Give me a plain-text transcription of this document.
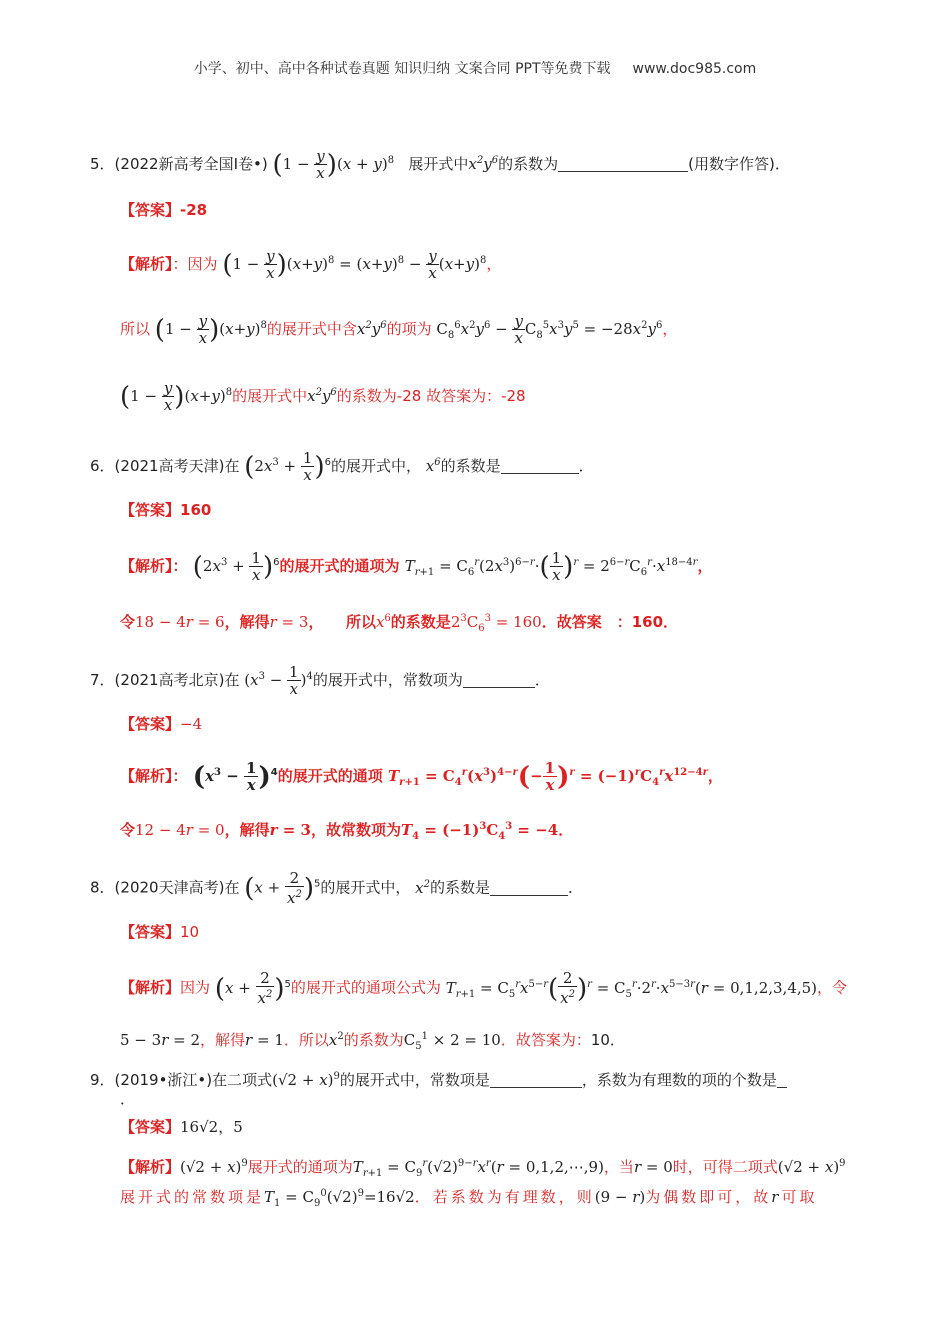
小学、初中、高中各种试卷真题 知识归纳 文案合同 PPT等免费下载 www.doc985.com
5．(2022新高考全国Ⅰ卷•) $(1 - \frac{y}{x} )(x + y)^8$ 展开式中$x^2y^6$的系数为	(用数字作答)．
【答案】-28
【解析】：因为 $(1 - \frac{y}{x} )(x+y)^8 = (x+y)^8 - \frac{y}{x} (x+y)^8$，
所以 $(1 - \frac{y}{x} )(x+y)^8$的展开式中含$x^2y^6$的项为 $C_8^6x^2y^6 - \frac{y}{x} C_8^5x^3y^5 = -28x^2y^6$，
$(1 - \frac{y}{x} )(x+y)^8$的展开式中$x^2y^6$的系数为-28 故答案为：-28
6．(2021高考天津)在 $(2x^3 + \frac{1}{x} )^6$的展开式中， $x^6$的系数是	．
【答案】160
【解析】： $(2x^3 + \frac{1}{x} )^6$的展开式的通项为 $T_{r+1} = C_6^r(2x^3)^{6-r}\cdot( \frac{1}{x} )^r = 2^{6-r}C_6^r\cdot x^{18-4r}$，
令18 − 4r = 6，解得r = 3，　　所以$x^6$的系数是$2^3C_6^3 = 160$．故答案　：160．
7．(2021高考北京)在 $(x^3 - \frac{1}{x} )^4$的展开式中，常数项为	．
【答案】−4
【解析】： $(x^3 - \frac{1}{x} )^4$的展开式的通项 $T_{r+1} = C_4^r(x^3)^{4-r}(- \frac{1}{x} )^r = (-1)^rC_4^rx^{12-4r}$，
令12 − 4r = 0，解得r = 3，故常数项为$T_4 = (-1)^3C_4^3 = -4$．
8．(2020天津高考)在 $(x + \frac{2}{x^2} )^5$的展开式中， $x^2$的系数是	．
【答案】10
【解析】因为 $(x + \frac{2}{x^2} )^5$的展开式的通项公式为 $T_{r+1} = C_5^rx^{5-r}( \frac{2}{x^2} )^r = C_5^r\cdot 2^r\cdot x^{5-3r}(r = 0,1,2,3,4,5)$，令
5 − 3r = 2，解得r = 1．所以$x^2$的系数为$C_5^1 \times 2 = 10$．故答案为：10．
9．(2019•浙江•)在二项式$(√2 + x)^9$的展开式中，常数项是	，系数为有理数的项的个数是
．
【答案】16√2，5
【解析】$(√2 + x)^9$展开式的通项为$T_{r+1} = C_9^r(√2)^{9-r}x^r(r$ = 0,1,2,⋯,9)，当r = 0时，可得二项式$(√2 + x)^9$
展开式的常数项是$T_1 = C_9^0(√2)^9=16√2$．若系数为有理数，则(9 − r)为偶数即可，故r可取
